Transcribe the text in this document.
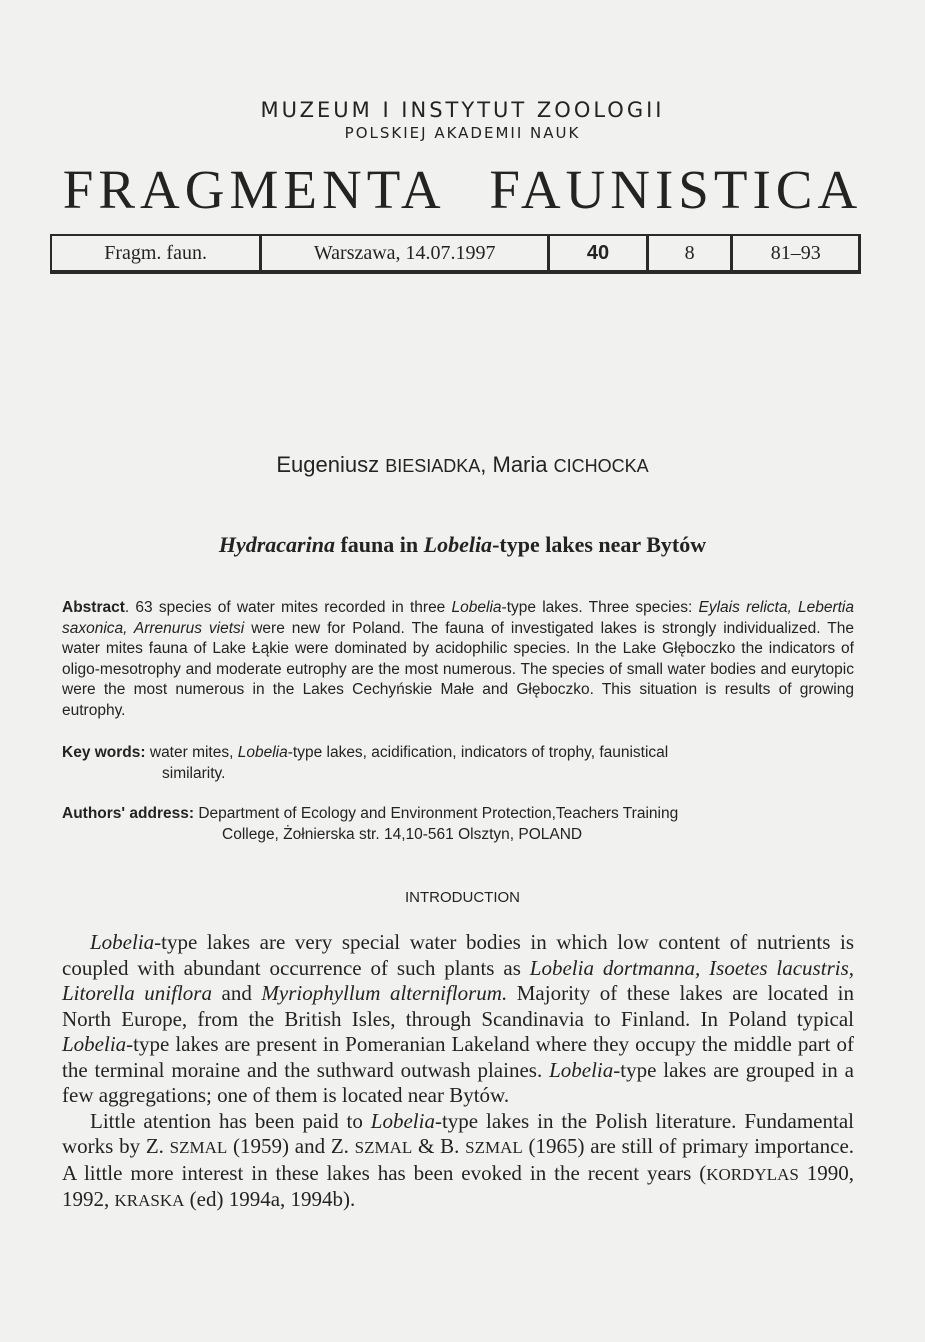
MUZEUM I INSTYTUT ZOOLOGII
POLSKIEJ AKADEMII NAUK
FRAGMENTA FAUNISTICA
Fragm. faun.	Warszawa, 14.07.1997	40	8	81–93
Eugeniusz BIESIADKA, Maria CICHOCKA
Hydracarina fauna in Lobelia-type lakes near Bytów
Abstract. 63 species of water mites recorded in three Lobelia-type lakes. Three species: Eylais relicta, Lebertia saxonica, Arrenurus vietsi were new for Poland. The fauna of investigated lakes is strongly individualized. The water mites fauna of Lake Łąkie were dominated by acidophilic species. In the Lake Głęboczko the indicators of oligo-mesotrophy and moderate eutrophy are the most numerous. The species of small water bodies and eurytopic were the most numerous in the Lakes Cechyńskie Małe and Głęboczko. This situation is results of growing eutrophy.
Key words: water mites, Lobelia-type lakes, acidification, indicators of trophy, faunistical
similarity.
Authors' address: Department of Ecology and Environment Protection,Teachers Training
College, Żołnierska str. 14,10-561 Olsztyn, POLAND
INTRODUCTION

Lobelia-type lakes are very special water bodies in which low content of nutrients is coupled with abundant occurrence of such plants as Lobelia dortmanna, Isoetes lacustris, Litorella uniflora and Myriophyllum alterniflorum. Majority of these lakes are located in North Europe, from the British Isles, through Scandinavia to Finland. In Poland typical Lobelia-type lakes are present in Pomeranian Lakeland where they occupy the middle part of the terminal moraine and the suthward outwash plaines. Lobelia-type lakes are grouped in a few aggregations; one of them is located near Bytów.

Little atention has been paid to Lobelia-type lakes in the Polish literature. Fundamental works by Z. SZMAL (1959) and Z. SZMAL & B. SZMAL (1965) are still of primary importance. A little more interest in these lakes has been evoked in the recent years (KORDYLAS 1990, 1992, KRASKA (ed) 1994a, 1994b).
